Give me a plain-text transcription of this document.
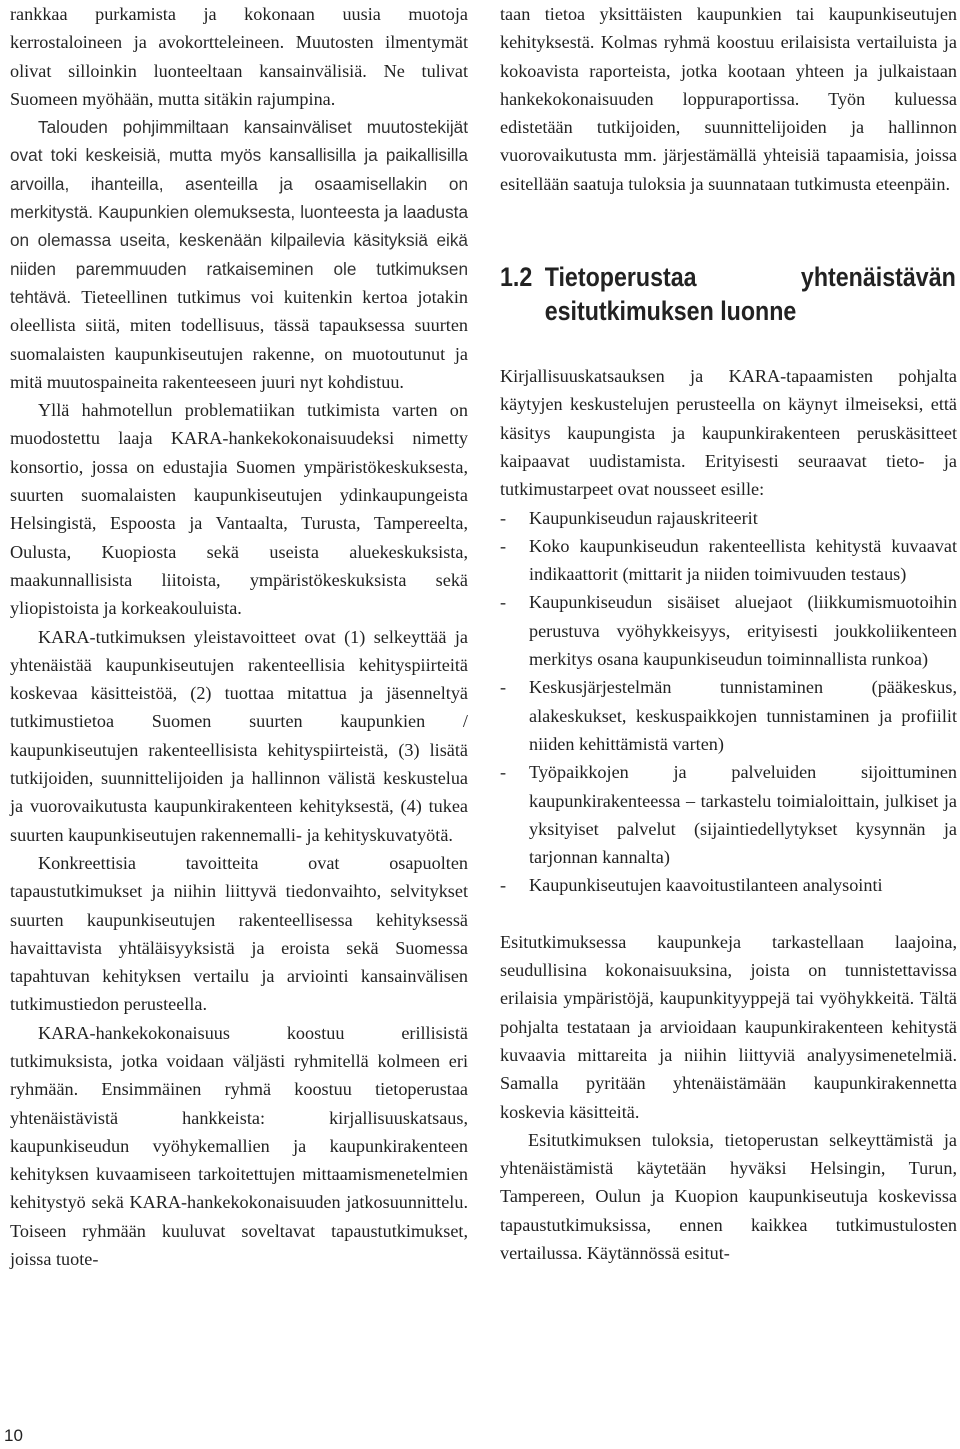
rankkaa purkamista ja kokonaan uusia muotoja kerrostaloineen ja avokortteleineen. Muutosten ilmentymät olivat silloinkin luonteeltaan kansainvälisiä. Ne tulivat Suomeen myöhään, mutta sitäkin rajumpina.

Talouden pohjimmiltaan kansainväliset muutostekijät ovat toki keskeisiä, mutta myös kansallisilla ja paikallisilla arvoilla, ihanteilla, asenteilla ja osaamisellakin on merkitystä. Kaupunkien olemuksesta, luonteesta ja laadusta on olemassa useita, keskenään kilpailevia käsityksiä eikä niiden paremmuuden ratkaiseminen ole tutkimuksen tehtävä. Tieteellinen tutkimus voi kuitenkin kertoa jotakin oleellista siitä, miten todellisuus, tässä tapauksessa suurten suomalaisten kaupunkiseutujen rakenne, on muotoutunut ja mitä muutospaineita rakenteeseen juuri nyt kohdistuu.

Yllä hahmotellun problematiikan tutkimista varten on muodostettu laaja KARA-hankekokonaisuudeksi nimetty konsortio, jossa on edustajia Suomen ympäristökeskuksesta, suurten suomalaisten kaupunkiseutujen ydinkaupungeista Helsingistä, Espoosta ja Vantaalta, Turusta, Tampereelta, Oulusta, Kuopiosta sekä useista aluekeskuksista, maakunnallisista liitoista, ympäristökeskuksista sekä yliopistoista ja korkeakouluista.

KARA-tutkimuksen yleistavoitteet ovat (1) selkeyttää ja yhtenäistää kaupunkiseutujen rakenteellisia kehityspiirteitä koskevaa käsitteistöä, (2) tuottaa mitattua ja jäsenneltyä tutkimustietoa Suomen suurten kaupunkien / kaupunkiseutujen rakenteellisista kehityspiirteistä, (3) lisätä tutkijoiden, suunnittelijoiden ja hallinnon välistä keskustelua ja vuorovaikutusta kaupunkirakenteen kehityksestä, (4) tukea suurten kaupunkiseutujen rakennemalli- ja kehityskuvatyötä.

Konkreettisia tavoitteita ovat osapuolten tapaustutkimukset ja niihin liittyvä tiedonvaihto, selvitykset suurten kaupunkiseutujen rakenteellisessa kehityksessä havaittavista yhtäläisyyksistä ja eroista sekä Suomessa tapahtuvan kehityksen vertailu ja arviointi kansainvälisen tutkimustiedon perusteella.

KARA-hankekokonaisuus koostuu erillisistä tutkimuksista, jotka voidaan väljästi ryhmitellä kolmeen eri ryhmään. Ensimmäinen ryhmä koostuu tietoperustaa yhtenäistävistä hankkeista: kirjallisuuskatsaus, kaupunkiseudun vyöhykemallien ja kaupunkirakenteen kehityksen kuvaamiseen tarkoitettujen mittaamismenetelmien kehitystyö sekä KARA-hankekokonaisuuden jatkosuunnittelu. Toiseen ryhmään kuuluvat soveltavat tapaustutkimukset, joissa tuote-

taan tietoa yksittäisten kaupunkien tai kaupunkiseutujen kehityksestä. Kolmas ryhmä koostuu erilaisista vertailuista ja kokoavista raporteista, jotka kootaan yhteen ja julkaistaan hankekokonaisuuden loppuraportissa. Työn kuluessa edistetään tutkijoiden, suunnittelijoiden ja hallinnon vuorovaikutusta mm. järjestämällä yhteisiä tapaamisia, joissa esitellään saatuja tuloksia ja suunnataan tutkimusta eteenpäin.

1.2 Tietoperustaa yhtenäistävän esitutkimuksen luonne

Kirjallisuuskatsauksen ja KARA-tapaamisten pohjalta käytyjen keskustelujen perusteella on käynyt ilmeiseksi, että käsitys kaupungista ja kaupunkirakenteen peruskäsitteet kaipaavat uudistamista. Erityisesti seuraavat tieto- ja tutkimustarpeet ovat nousseet esille:

- Kaupunkiseudun rajauskriteerit
- Koko kaupunkiseudun rakenteellista kehitystä kuvaavat indikaattorit (mittarit ja niiden toimivuuden testaus)
- Kaupunkiseudun sisäiset aluejaot (liikkumismuotoihin perustuva vyöhykkeisyys, erityisesti joukkoliikenteen merkitys osana kaupunkiseudun toiminnallista runkoa)
- Keskusjärjestelmän tunnistaminen (pääkeskus, alakeskukset, keskuspaikkojen tunnistaminen ja profiilit niiden kehittämistä varten)
- Työpaikkojen ja palveluiden sijoittuminen kaupunkirakenteessa – tarkastelu toimialoittain, julkiset ja yksityiset palvelut (sijaintiedellytykset kysynnän ja tarjonnan kannalta)
- Kaupunkiseutujen kaavoitustilanteen analysointi

Esitutkimuksessa kaupunkeja tarkastellaan laajoina, seudullisina kokonaisuuksina, joista on tunnistettavissa erilaisia ympäristöjä, kaupunkityyppejä tai vyöhykkeitä. Tältä pohjalta testataan ja arvioidaan kaupunkirakenteen kehitystä kuvaavia mittareita ja niihin liittyviä analyysimenetelmiä. Samalla pyritään yhtenäistämään kaupunkirakennetta koskevia käsitteitä.

Esitutkimuksen tuloksia, tietoperustan selkeyttämistä ja yhtenäistämistä käytetään hyväksi Helsingin, Turun, Tampereen, Oulun ja Kuopion kaupunkiseutuja koskevissa tapaustutkimuksissa, ennen kaikkea tutkimustulosten vertailussa. Käytännössä esitut-

10
